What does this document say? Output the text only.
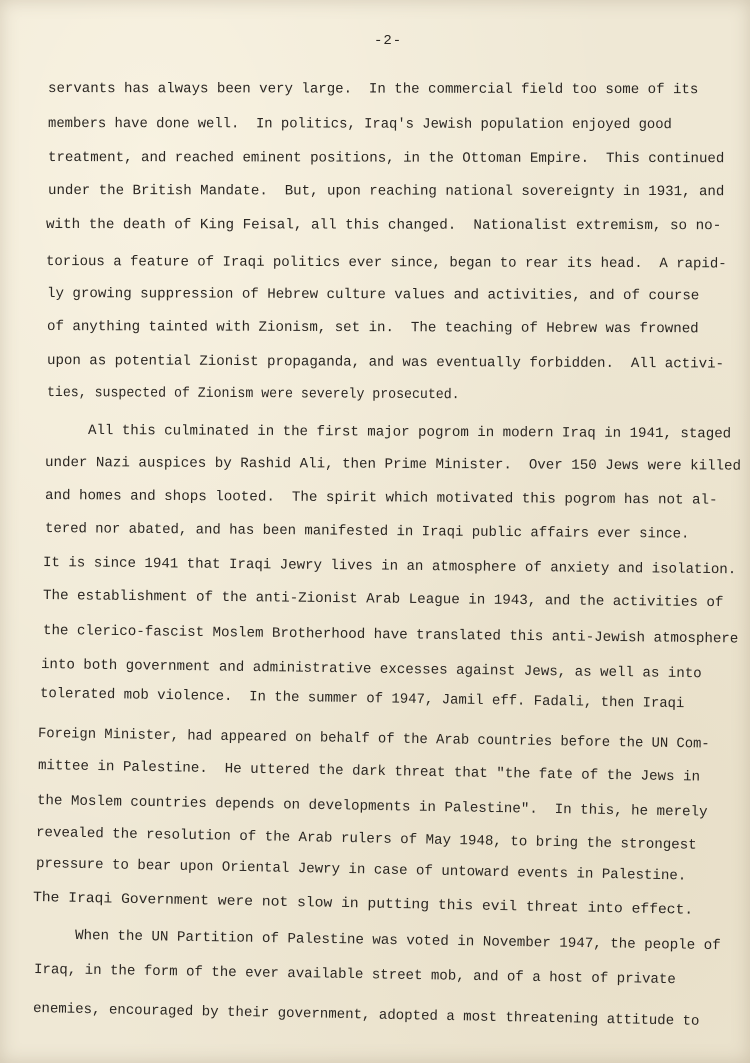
-2-
servants has always been very large.  In the commercial field too some of its
members have done well.  In politics, Iraq's Jewish population enjoyed good
treatment, and reached eminent positions, in the Ottoman Empire.  This continued
under the British Mandate.  But, upon reaching national sovereignty in 1931, and
with the death of King Feisal, all this changed.  Nationalist extremism, so no-
torious a feature of Iraqi politics ever since, began to rear its head.  A rapid-
ly growing suppression of Hebrew culture values and activities, and of course
of anything tainted with Zionism, set in.  The teaching of Hebrew was frowned
upon as potential Zionist propaganda, and was eventually forbidden.  All activi-
ties, suspected of Zionism were severely prosecuted.
All this culminated in the first major pogrom in modern Iraq in 1941, staged
under Nazi auspices by Rashid Ali, then Prime Minister.  Over 150 Jews were killed
and homes and shops looted.  The spirit which motivated this pogrom has not al-
tered nor abated, and has been manifested in Iraqi public affairs ever since.
It is since 1941 that Iraqi Jewry lives in an atmosphere of anxiety and isolation.
The establishment of the anti-Zionist Arab League in 1943, and the activities of
the clerico-fascist Moslem Brotherhood have translated this anti-Jewish atmosphere
into both government and administrative excesses against Jews, as well as into
tolerated mob violence.  In the summer of 1947, Jamil eff. Fadali, then Iraqi
Foreign Minister, had appeared on behalf of the Arab countries before the UN Com-
mittee in Palestine.  He uttered the dark threat that "the fate of the Jews in
the Moslem countries depends on developments in Palestine".  In this, he merely
revealed the resolution of the Arab rulers of May 1948, to bring the strongest
pressure to bear upon Oriental Jewry in case of untoward events in Palestine.
The Iraqi Government were not slow in putting this evil threat into effect.
When the UN Partition of Palestine was voted in November 1947, the people of
Iraq, in the form of the ever available street mob, and of a host of private
enemies, encouraged by their government, adopted a most threatening attitude to
